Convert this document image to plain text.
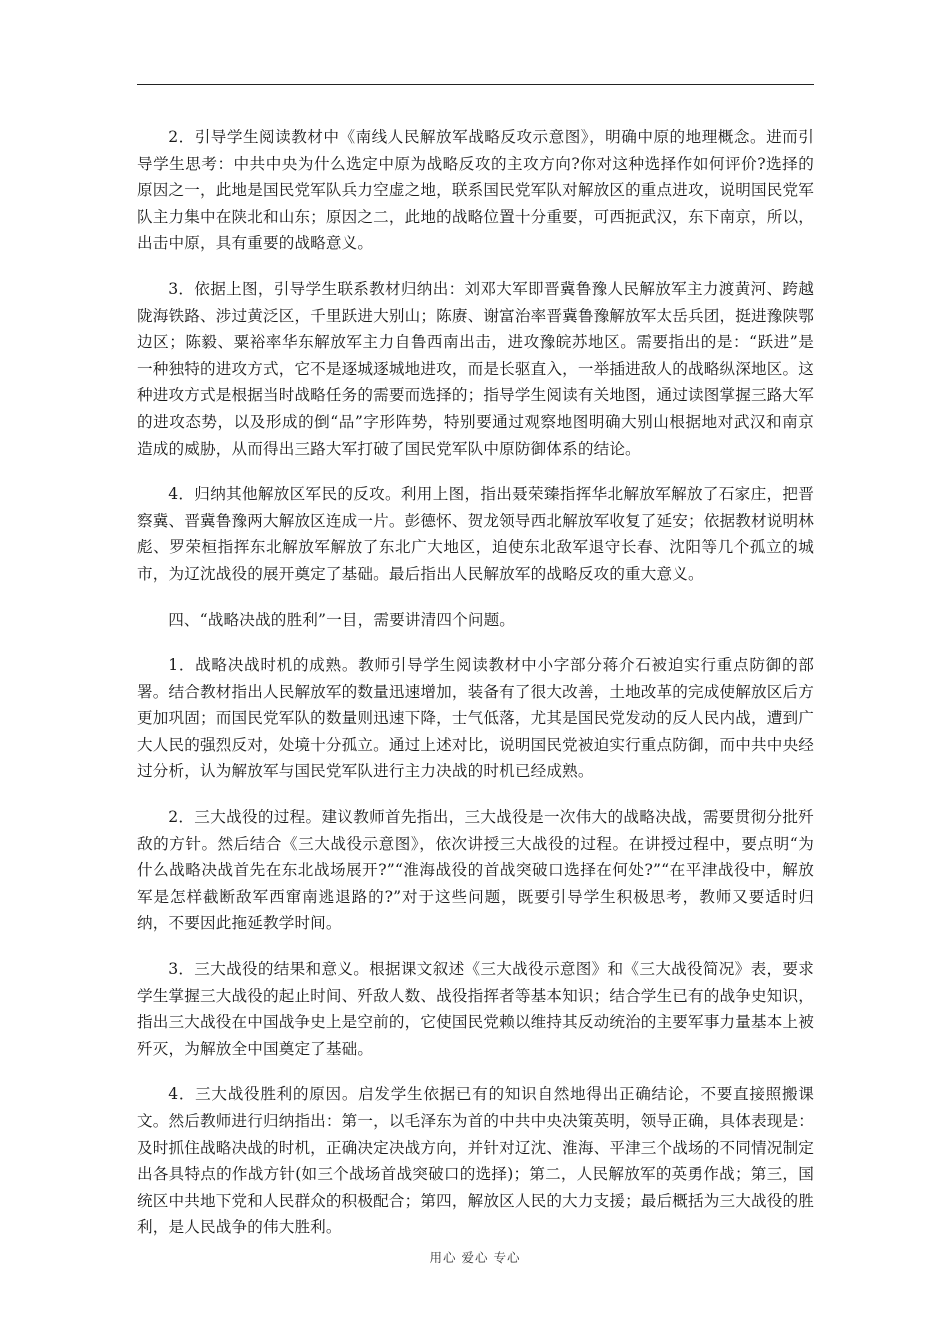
2．引导学生阅读教材中《南线人民解放军战略反攻示意图》，明确中原的地理概念。进而引导学生思考：中共中央为什么选定中原为战略反攻的主攻方向?你对这种选择作如何评价?选择的原因之一，此地是国民党军队兵力空虚之地，联系国民党军队对解放区的重点进攻，说明国民党军队主力集中在陕北和山东；原因之二，此地的战略位置十分重要，可西扼武汉，东下南京，所以，出击中原，具有重要的战略意义。

3．依据上图，引导学生联系教材归纳出：刘邓大军即晋冀鲁豫人民解放军主力渡黄河、跨越陇海铁路、涉过黄泛区，千里跃进大别山；陈赓、谢富治率晋冀鲁豫解放军太岳兵团，挺进豫陕鄂边区；陈毅、粟裕率华东解放军主力自鲁西南出击，进攻豫皖苏地区。需要指出的是：“跃进”是一种独特的进攻方式，它不是逐城逐城地进攻，而是长驱直入，一举插进敌人的战略纵深地区。这种进攻方式是根据当时战略任务的需要而选择的；指导学生阅读有关地图，通过读图掌握三路大军的进攻态势，以及形成的倒“品”字形阵势，特别要通过观察地图明确大别山根据地对武汉和南京造成的威胁，从而得出三路大军打破了国民党军队中原防御体系的结论。

4．归纳其他解放区军民的反攻。利用上图，指出聂荣臻指挥华北解放军解放了石家庄，把晋察冀、晋冀鲁豫两大解放区连成一片。彭德怀、贺龙领导西北解放军收复了延安；依据教材说明林彪、罗荣桓指挥东北解放军解放了东北广大地区，迫使东北敌军退守长春、沈阳等几个孤立的城市，为辽沈战役的展开奠定了基础。最后指出人民解放军的战略反攻的重大意义。

四、“战略决战的胜利”一目，需要讲清四个问题。

1．战略决战时机的成熟。教师引导学生阅读教材中小字部分蒋介石被迫实行重点防御的部署。结合教材指出人民解放军的数量迅速增加，装备有了很大改善，土地改革的完成使解放区后方更加巩固；而国民党军队的数量则迅速下降，士气低落，尤其是国民党发动的反人民内战，遭到广大人民的强烈反对，处境十分孤立。通过上述对比，说明国民党被迫实行重点防御，而中共中央经过分析，认为解放军与国民党军队进行主力决战的时机已经成熟。

2．三大战役的过程。建议教师首先指出，三大战役是一次伟大的战略决战，需要贯彻分批歼敌的方针。然后结合《三大战役示意图》，依次讲授三大战役的过程。在讲授过程中，要点明“为什么战略决战首先在东北战场展开?”“淮海战役的首战突破口选择在何处?”“在平津战役中，解放军是怎样截断敌军西窜南逃退路的?”对于这些问题，既要引导学生积极思考，教师又要适时归纳，不要因此拖延教学时间。

3．三大战役的结果和意义。根据课文叙述《三大战役示意图》和《三大战役简况》表，要求学生掌握三大战役的起止时间、歼敌人数、战役指挥者等基本知识；结合学生已有的战争史知识，指出三大战役在中国战争史上是空前的，它使国民党赖以维持其反动统治的主要军事力量基本上被歼灭，为解放全中国奠定了基础。

4．三大战役胜利的原因。启发学生依据已有的知识自然地得出正确结论，不要直接照搬课文。然后教师进行归纳指出：第一，以毛泽东为首的中共中央决策英明，领导正确，具体表现是：及时抓住战略决战的时机，正确决定决战方向，并针对辽沈、淮海、平津三个战场的不同情况制定出各具特点的作战方针(如三个战场首战突破口的选择)；第二，人民解放军的英勇作战；第三，国统区中共地下党和人民群众的积极配合；第四，解放区人民的大力支援；最后概括为三大战役的胜利，是人民战争的伟大胜利。

用心 爱心 专心
